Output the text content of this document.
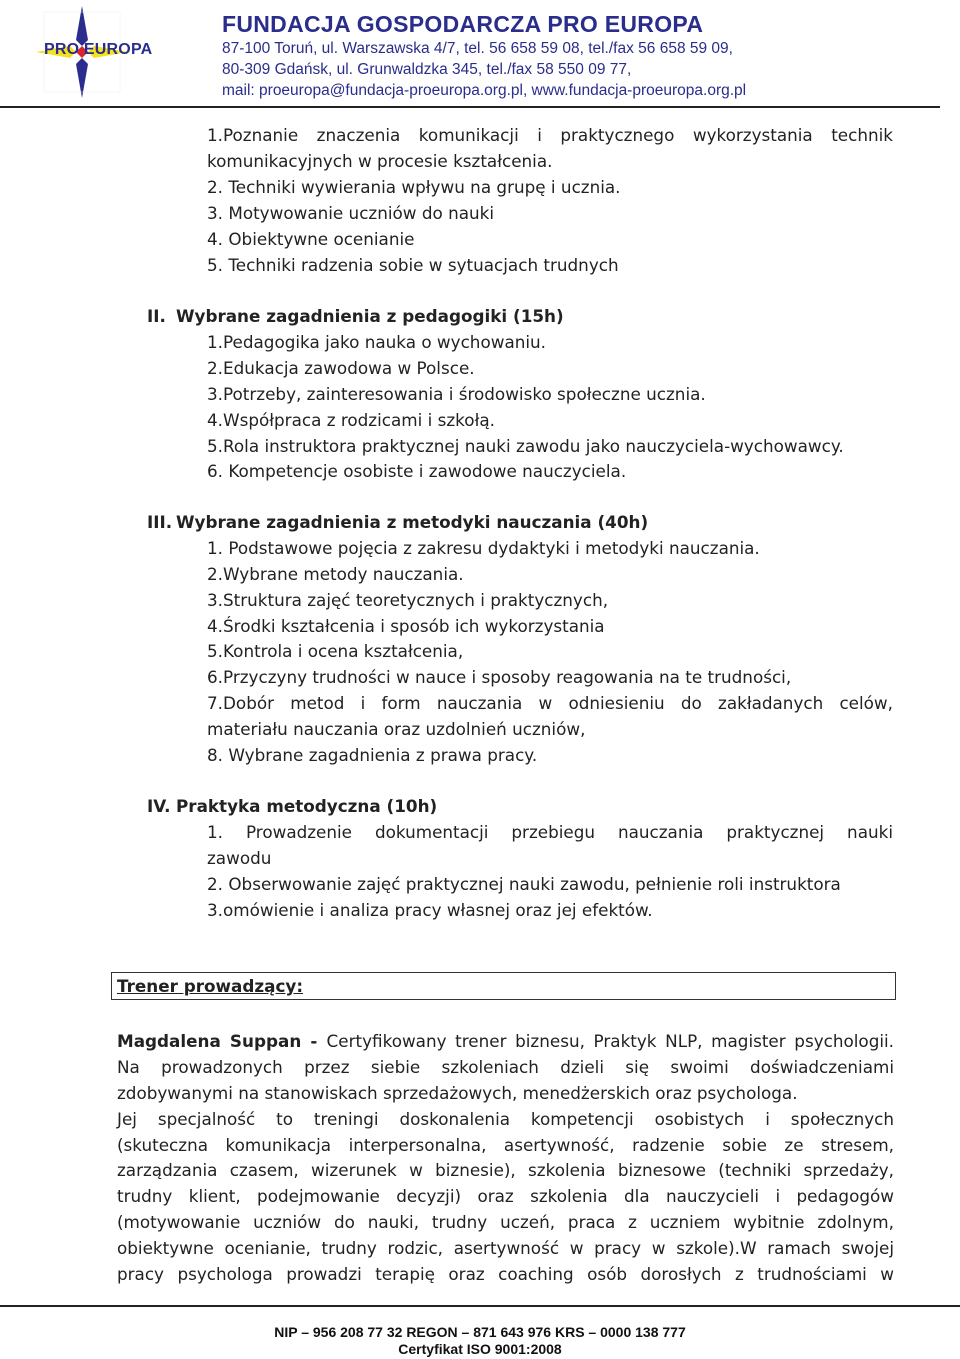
PRO EUROPA
FUNDACJA GOSPODARCZA PRO EUROPA
87-100 Toruń, ul. Warszawska 4/7, tel. 56 658 59 08, tel./fax 56 658 59 09,
80-309 Gdańsk, ul. Grunwaldzka 345, tel./fax 58 550 09 77,
mail: proeuropa@fundacja-proeuropa.org.pl, www.fundacja-proeuropa.org.pl
1.Poznanie znaczenia komunikacji i praktycznego wykorzystania technik
komunikacyjnych w procesie kształcenia.
2. Techniki wywierania wpływu na grupę i ucznia.
3. Motywowanie uczniów do nauki
4. Obiektywne ocenianie
5. Techniki radzenia sobie w sytuacjach trudnych
II. Wybrane zagadnienia z pedagogiki (15h)
1.Pedagogika jako nauka o wychowaniu.
2.Edukacja zawodowa w Polsce.
3.Potrzeby, zainteresowania i środowisko społeczne ucznia.
4.Współpraca z rodzicami i szkołą.
5.Rola instruktora praktycznej nauki zawodu jako nauczyciela-wychowawcy.
6. Kompetencje osobiste i zawodowe nauczyciela.
III. Wybrane zagadnienia z metodyki nauczania (40h)
1. Podstawowe pojęcia z zakresu dydaktyki i metodyki nauczania.
2.Wybrane metody nauczania.
3.Struktura zajęć teoretycznych i praktycznych,
4.Środki kształcenia i sposób ich wykorzystania
5.Kontrola i ocena kształcenia,
6.Przyczyny trudności w nauce i sposoby reagowania na te trudności,
7.Dobór metod i form nauczania w odniesieniu do zakładanych celów,
materiału nauczania oraz uzdolnień uczniów,
8. Wybrane zagadnienia z prawa pracy.
IV. Praktyka metodyczna (10h)
1. Prowadzenie dokumentacji przebiegu nauczania praktycznej nauki
zawodu
2. Obserwowanie zajęć praktycznej nauki zawodu, pełnienie roli instruktora
3.omówienie i analiza pracy własnej oraz jej efektów.
Trener prowadzący:
Magdalena Suppan - Certyfikowany trener biznesu, Praktyk NLP, magister psychologii.
Na prowadzonych przez siebie szkoleniach dzieli się swoimi doświadczeniami
zdobywanymi na stanowiskach sprzedażowych, menedżerskich oraz psychologa.
Jej specjalność to treningi doskonalenia kompetencji osobistych i społecznych
(skuteczna komunikacja interpersonalna, asertywność, radzenie sobie ze stresem,
zarządzania czasem, wizerunek w biznesie), szkolenia biznesowe (techniki sprzedaży,
trudny klient, podejmowanie decyzji) oraz szkolenia dla nauczycieli i pedagogów
(motywowanie uczniów do nauki, trudny uczeń, praca z uczniem wybitnie zdolnym,
obiektywne ocenianie, trudny rodzic, asertywność w pracy w szkole).W ramach swojej
pracy psychologa prowadzi terapię oraz coaching osób dorosłych z trudnościami w
NIP – 956 208 77 32 REGON – 871 643 976 KRS – 0000 138 777
Certyfikat ISO 9001:2008
